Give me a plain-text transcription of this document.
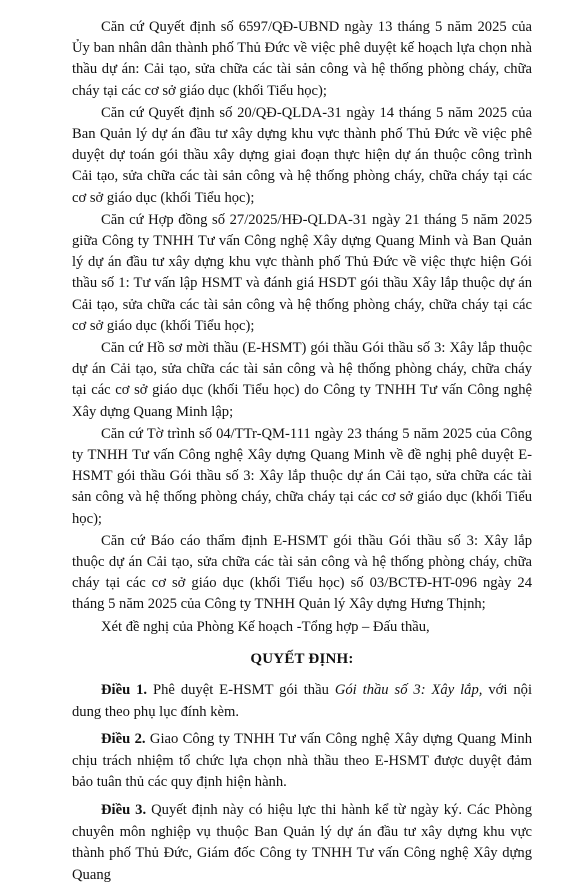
Căn cứ Quyết định số 6597/QĐ-UBND ngày 13 tháng 5 năm 2025 của Ủy ban nhân dân thành phố Thủ Đức về việc phê duyệt kế hoạch lựa chọn nhà thầu dự án: Cải tạo, sửa chữa các tài sản công và hệ thống phòng cháy, chữa cháy tại các cơ sở giáo dục (khối Tiểu học);

Căn cứ Quyết định số 20/QĐ-QLDA-31 ngày 14 tháng 5 năm 2025 của Ban Quản lý dự án đầu tư xây dựng khu vực thành phố Thủ Đức về việc phê duyệt dự toán gói thầu xây dựng giai đoạn thực hiện dự án thuộc công trình Cải tạo, sửa chữa các tài sản công và hệ thống phòng cháy, chữa cháy tại các cơ sở giáo dục (khối Tiểu học);

Căn cứ Hợp đồng số 27/2025/HĐ-QLDA-31 ngày 21 tháng 5 năm 2025 giữa Công ty TNHH Tư vấn Công nghệ Xây dựng Quang Minh và Ban Quản lý dự án đầu tư xây dựng khu vực thành phố Thủ Đức về việc thực hiện Gói thầu số 1: Tư vấn lập HSMT và đánh giá HSDT gói thầu Xây lắp thuộc dự án Cải tạo, sửa chữa các tài sản công và hệ thống phòng cháy, chữa cháy tại các cơ sở giáo dục (khối Tiểu học);

Căn cứ Hồ sơ mời thầu (E-HSMT) gói thầu Gói thầu số 3: Xây lắp thuộc dự án Cải tạo, sửa chữa các tài sản công và hệ thống phòng cháy, chữa cháy tại các cơ sở giáo dục (khối Tiểu học) do Công ty TNHH Tư vấn Công nghệ Xây dựng Quang Minh lập;

Căn cứ Tờ trình số 04/TTr-QM-111 ngày 23 tháng 5 năm 2025 của Công ty TNHH Tư vấn Công nghệ Xây dựng Quang Minh về đề nghị phê duyệt E-HSMT gói thầu Gói thầu số 3: Xây lắp thuộc dự án Cải tạo, sửa chữa các tài sản công và hệ thống phòng cháy, chữa cháy tại các cơ sở giáo dục (khối Tiểu học);

Căn cứ Báo cáo thẩm định E-HSMT gói thầu Gói thầu số 3: Xây lắp thuộc dự án Cải tạo, sửa chữa các tài sản công và hệ thống phòng cháy, chữa cháy tại các cơ sở giáo dục (khối Tiểu học) số 03/BCTĐ-HT-096 ngày 24 tháng 5 năm 2025 của Công ty TNHH Quản lý Xây dựng Hưng Thịnh;

Xét đề nghị của Phòng Kế hoạch -Tổng hợp – Đấu thầu,

QUYẾT ĐỊNH:

Điều 1. Phê duyệt E-HSMT gói thầu Gói thầu số 3: Xây lắp, với nội dung theo phụ lục đính kèm.

Điều 2. Giao Công ty TNHH Tư vấn Công nghệ Xây dựng Quang Minh chịu trách nhiệm tổ chức lựa chọn nhà thầu theo E-HSMT được duyệt đảm bảo tuân thủ các quy định hiện hành.

Điều 3. Quyết định này có hiệu lực thi hành kể từ ngày ký. Các Phòng chuyên môn nghiệp vụ thuộc Ban Quản lý dự án đầu tư xây dựng khu vực thành phố Thủ Đức, Giám đốc Công ty TNHH Tư vấn Công nghệ Xây dựng Quang
